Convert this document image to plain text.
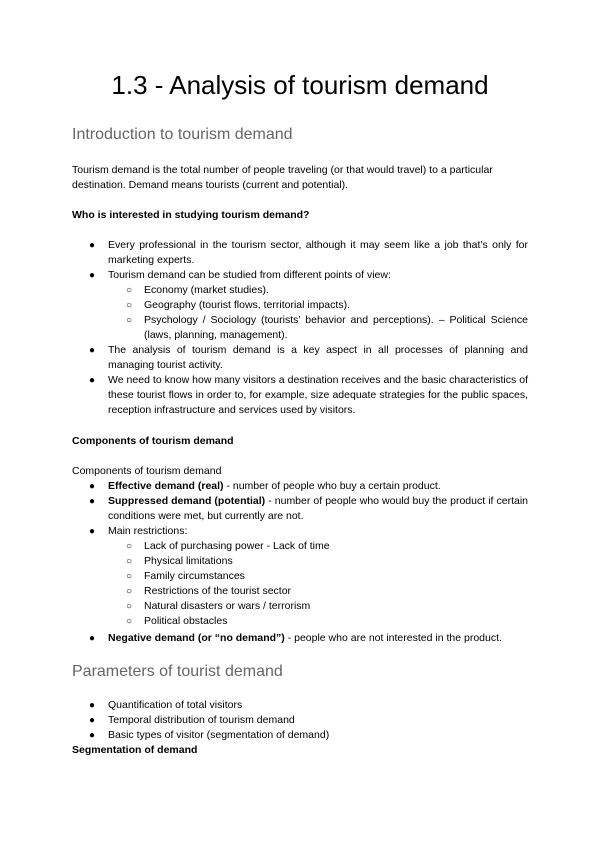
1.3 - Analysis of tourism demand
Introduction to tourism demand

Tourism demand is the total number of people traveling (or that would travel) to a particular destination. Demand means tourists (current and potential).

Who is interested in studying tourism demand?

● Every professional in the tourism sector, although it may seem like a job that’s only for marketing experts.
● Tourism demand can be studied from different points of view:
○ Economy (market studies).
○ Geography (tourist flows, territorial impacts).
○ Psychology / Sociology (tourists’ behavior and perceptions). – Political Science (laws, planning, management).
● The analysis of tourism demand is a key aspect in all processes of planning and managing tourist activity.
● We need to know how many visitors a destination receives and the basic characteristics of these tourist flows in order to, for example, size adequate strategies for the public spaces, reception infrastructure and services used by visitors.

Components of tourism demand

Components of tourism demand

● Effective demand (real) - number of people who buy a certain product.
● Suppressed demand (potential) - number of people who would buy the product if certain conditions were met, but currently are not.
● Main restrictions:
○ Lack of purchasing power - Lack of time
○ Physical limitations
○ Family circumstances
○ Restrictions of the tourist sector
○ Natural disasters or wars / terrorism
○ Political obstacles
● Negative demand (or “no demand”) - people who are not interested in the product.
Parameters of tourist demand
● Quantification of total visitors
● Temporal distribution of tourism demand
● Basic types of visitor (segmentation of demand)

Segmentation of demand
